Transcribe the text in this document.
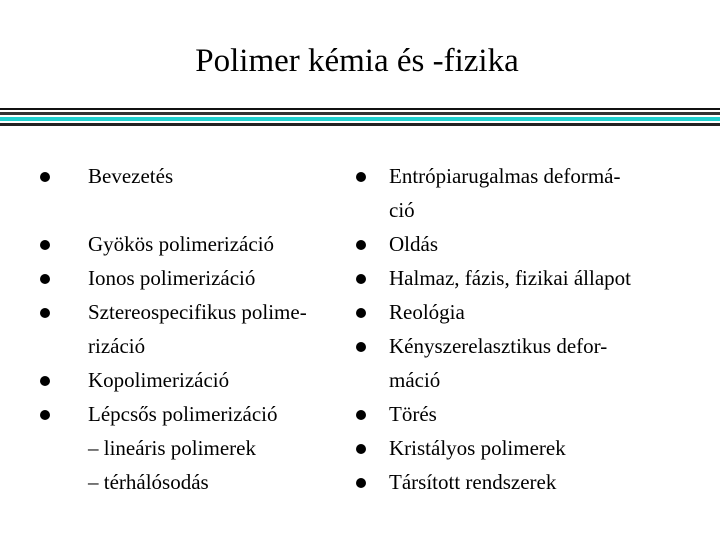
Polimer kémia és -fizika
Bevezetés
Gyökös polimerizáció
Ionos polimerizáció
Sztereospecifikus polime-
rizáció
Kopolimerizáció
Lépcsős polimerizáció
– lineáris polimerek
– térhálósodás
Entrópiarugalmas deformá-
ció
Oldás
Halmaz, fázis, fizikai állapot
Reológia
Kényszerelasztikus defor-
máció
Törés
Kristályos polimerek
Társított rendszerek
